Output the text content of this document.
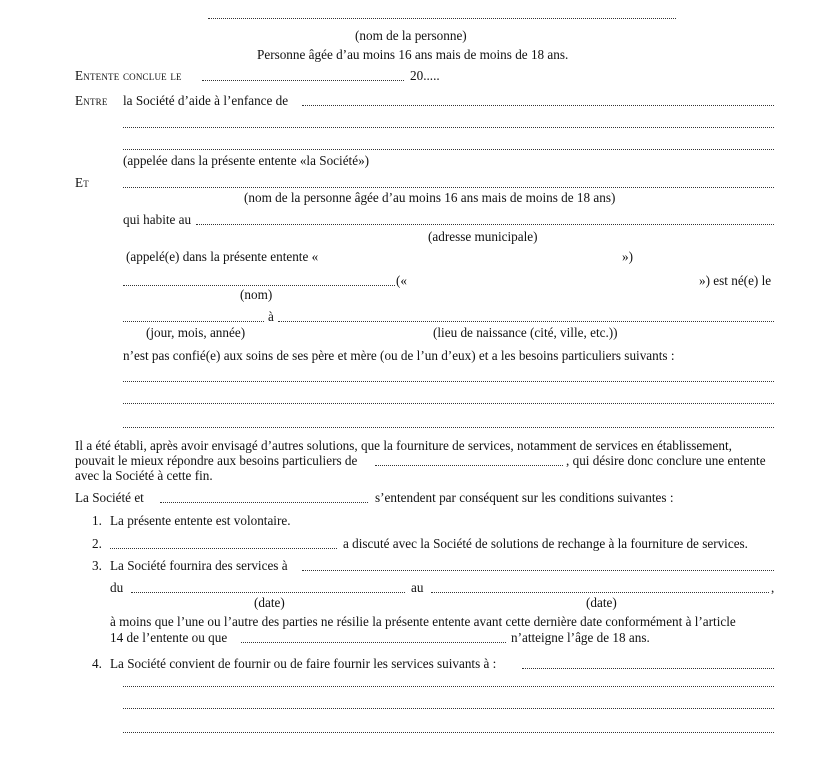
(nom de la personne)
Personne âgée d’au moins 16 ans mais de moins de 18 ans.
Entente conclue le	20.....
Entre la Société d’aide à l’enfance de
(appelée dans la présente entente «la Société»)
Et
(nom de la personne âgée d’au moins 16 ans mais de moins de 18 ans)
qui habite au
(adresse municipale)
(appelé(e) dans la présente entente «	»)
(«	») est né(e) le
(nom)
à
(jour, mois, année)	(lieu de naissance (cité, ville, etc.))
n’est pas confié(e) aux soins de ses père et mère (ou de l’un d’eux) et a les besoins particuliers suivants :
Il a été établi, après avoir envisagé d’autres solutions, que la fourniture de services, notamment de services en établissement,
pouvait le mieux répondre aux besoins particuliers de	, qui désire donc conclure une entente
avec la Société à cette fin.
La Société et	s’entendent par conséquent sur les conditions suivantes :
1. La présente entente est volontaire.
2.	a discuté avec la Société de solutions de rechange à la fourniture de services.
3. La Société fournira des services à
du	au	,
(date)	(date)
à moins que l’une ou l’autre des parties ne résilie la présente entente avant cette dernière date conformément à l’article
14 de l’entente ou que	n’atteigne l’âge de 18 ans.
4. La Société convient de fournir ou de faire fournir les services suivants à :
